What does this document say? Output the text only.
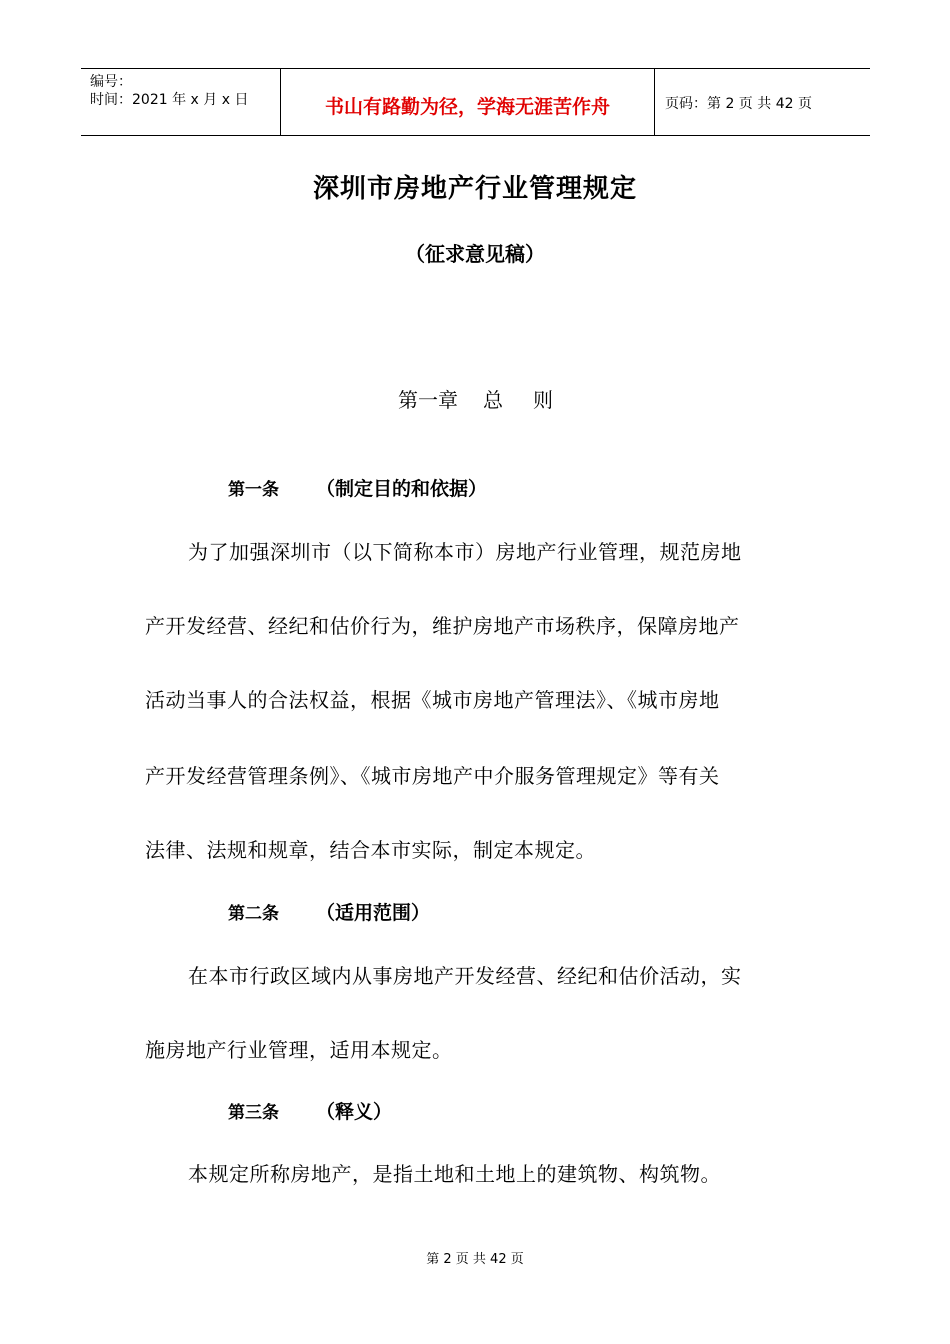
编号：
时间：2021 年 x 月 x 日	书山有路勤为径，学海无涯苦作舟	页码：第 2 页 共 42 页
深圳市房地产行业管理规定
（征求意见稿）
第一章 总 则
第一条 （制定目的和依据）
为了加强深圳市（以下简称本市）房地产行业管理，规范房地
产开发经营、经纪和估价行为，维护房地产市场秩序，保障房地产
活动当事人的合法权益，根据《城市房地产管理法》、《城市房地
产开发经营管理条例》、《城市房地产中介服务管理规定》等有关
法律、法规和规章，结合本市实际，制定本规定。
第二条 （适用范围）
在本市行政区域内从事房地产开发经营、经纪和估价活动，实
施房地产行业管理，适用本规定。
第三条 （释义）
本规定所称房地产，是指土地和土地上的建筑物、构筑物。
第 2 页 共 42 页
